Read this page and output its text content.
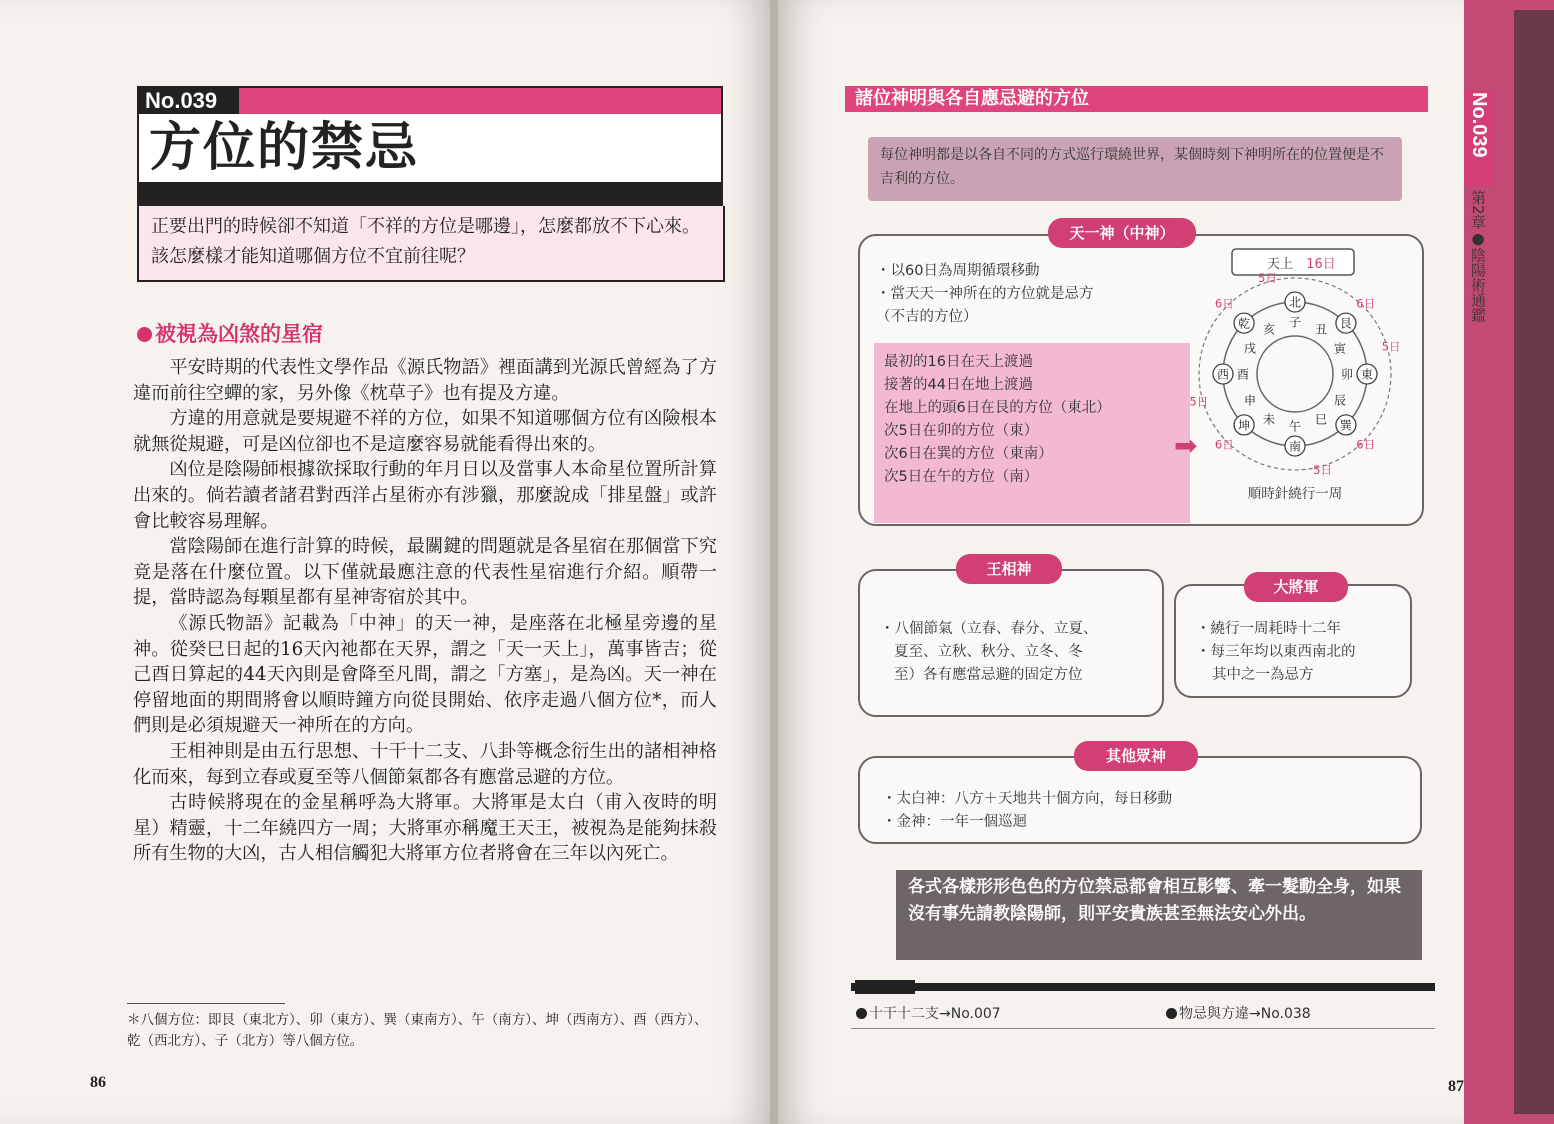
No.039
方位的禁忌
正要出門的時候卻不知道「不祥的方位是哪邊」，怎麼都放不下心來。該怎麼樣才能知道哪個方位不宜前往呢？
被視為凶煞的星宿

平安時期的代表性文學作品《源氏物語》裡面講到光源氏曾經為了方違而前往空蟬的家，另外像《枕草子》也有提及方違。

方違的用意就是要規避不祥的方位，如果不知道哪個方位有凶險根本就無從規避，可是凶位卻也不是這麼容易就能看得出來的。

凶位是陰陽師根據欲採取行動的年月日以及當事人本命星位置所計算出來的。倘若讀者諸君對西洋占星術亦有涉獵，那麼說成「排星盤」或許會比較容易理解。

當陰陽師在進行計算的時候，最關鍵的問題就是各星宿在那個當下究竟是落在什麼位置。以下僅就最應注意的代表性星宿進行介紹。順帶一提，當時認為每顆星都有星神寄宿於其中。

《源氏物語》記載為「中神」的天一神，是座落在北極星旁邊的星神。從癸巳日起的16天內祂都在天界，謂之「天一天上」，萬事皆吉；從己酉日算起的44天內則是會降至凡間，謂之「方塞」，是為凶。天一神在停留地面的期間將會以順時鐘方向從艮開始、依序走過八個方位*，而人們則是必須規避天一神所在的方向。

王相神則是由五行思想、十干十二支、八卦等概念衍生出的諸相神格化而來，每到立春或夏至等八個節氣都各有應當忌避的方位。

古時候將現在的金星稱呼為大將軍。大將軍是太白（甫入夜時的明星）精靈，十二年繞四方一周；大將軍亦稱魔王天王，被視為是能夠抹殺所有生物的大凶，古人相信觸犯大將軍方位者將會在三年以內死亡。

＊八個方位：即艮（東北方）、卯（東方）、巽（東南方）、午（南方）、坤（西南方）、酉（西方）、乾（西北方）、子（北方）等八個方位。
86
諸位神明與各自應忌避的方位
每位神明都是以各自不同的方式巡行環繞世界，某個時刻下神明所在的位置便是不吉利的方位。
天一神（中神）
・以60日為周期循環移動
・當天天一神所在的方位就是忌方
（不吉的方位）
最初的16日在天上渡過
接著的44日在地上渡過
在地上的頭6日在艮的方位（東北）
次5日在卯的方位（東）
次6日在巽的方位（東南）
次5日在午的方位（南）
➡
天上 16日
北
艮
東
巽
南
坤
西
乾	子 丑
寅
卯
辰
巳
午
未
申
酉
戌
亥
5日
6日
5日
6日
5日
6日
5日
6日
順時針繞行一周
王相神
・八個節氣（立春、春分、立夏、
夏至、立秋、秋分、立冬、冬
至）各有應當忌避的固定方位
大將軍
・繞行一周耗時十二年
・每三年均以東西南北的
其中之一為忌方
其他眾神
・太白神：八方＋天地共十個方向，每日移動
・金神：一年一個巡迴
各式各樣形形色色的方位禁忌都會相互影響、牽一髮動全身，如果沒有事先請教陰陽師，則平安貴族甚至無法安心外出。
十干十二支→No.007	物忌與方違→No.038
87
No.039
第2章●陰陽術通鑑
